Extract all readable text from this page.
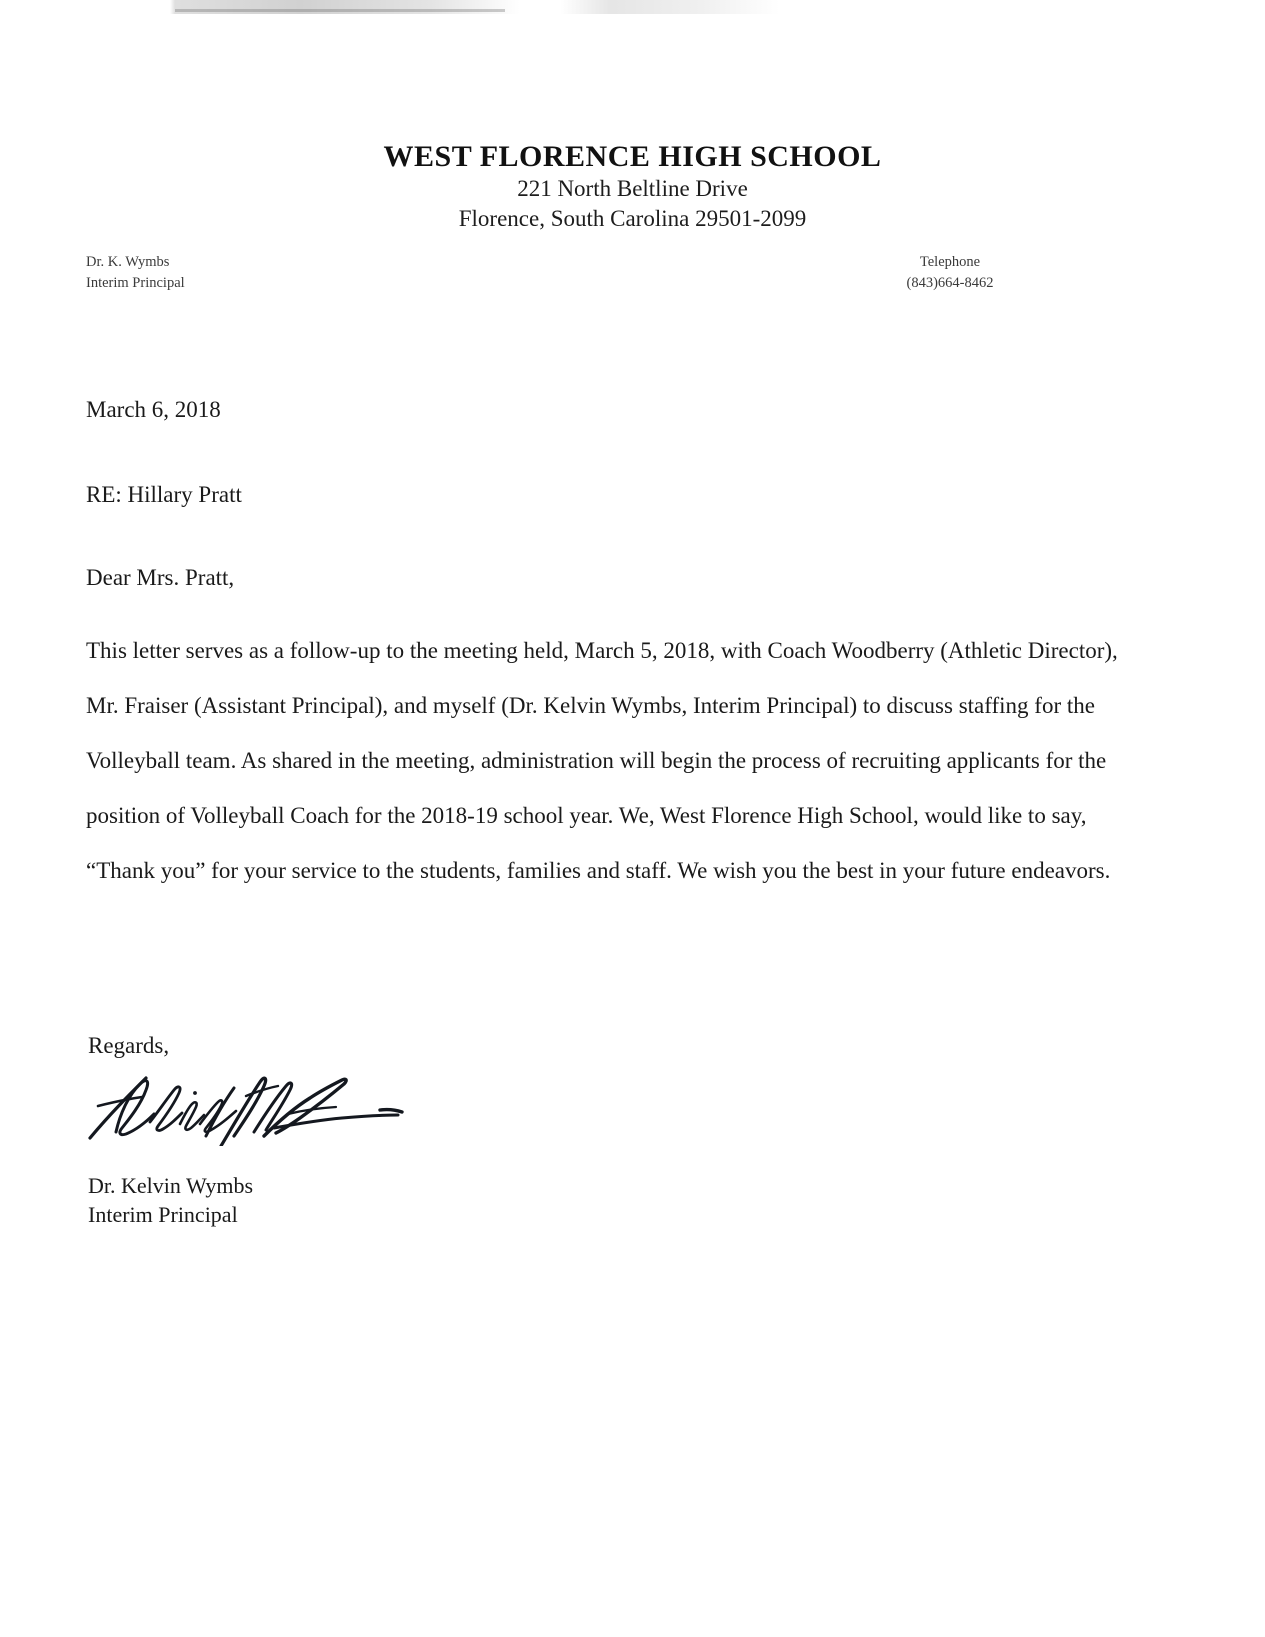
WEST FLORENCE HIGH SCHOOL
221 North Beltline Drive
Florence, South Carolina 29501-2099
Dr. K. Wymbs
Interim Principal
Telephone
(843)664-8462
March 6, 2018
RE: Hillary Pratt
Dear Mrs. Pratt,
This letter serves as a follow-up to the meeting held, March 5, 2018, with Coach Woodberry (Athletic Director), Mr. Fraiser (Assistant Principal), and myself (Dr. Kelvin Wymbs, Interim Principal) to discuss staffing for the Volleyball team. As shared in the meeting, administration will begin the process of recruiting applicants for the position of Volleyball Coach for the 2018-19 school year. We, West Florence High School, would like to say, “Thank you” for your service to the students, families and staff. We wish you the best in your future endeavors.
Regards,
Dr. Kelvin Wymbs
Interim Principal
